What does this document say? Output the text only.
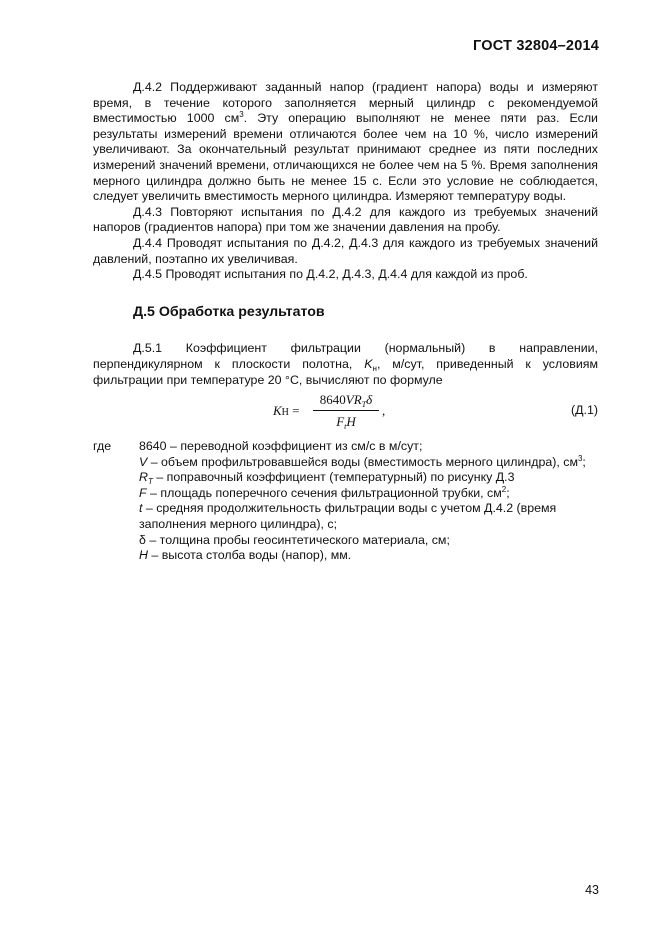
ГОСТ 32804–2014

Д.4.2 Поддерживают заданный напор (градиент напора) воды и измеряют время, в течение которого заполняется мерный цилиндр с рекомендуемой вместимостью 1000 $см^3$. Эту операцию выполняют не менее пяти раз. Если результаты измерений времени отличаются более чем на 10 %, число измерений увеличивают. За окончательный результат принимают среднее из пяти последних измерений значений времени, отличающихся не более чем на 5 %. Время заполнения мерного цилиндра должно быть не менее 15 с. Если это условие не соблюдается, следует увеличить вместимость мерного цилиндра. Измеряют температуру воды.

Д.4.3 Повторяют испытания по Д.4.2 для каждого из требуемых значений напоров (градиентов напора) при том же значении давления на пробу.

Д.4.4 Проводят испытания по Д.4.2, Д.4.3 для каждого из требуемых значений давлений, поэтапно их увеличивая.

Д.4.5 Проводят испытания по Д.4.2, Д.4.3, Д.4.4 для каждой из проб.

Д.5 Обработка результатов

Д.5.1 Коэффициент фильтрации (нормальный) в направлении, перпендикулярном к плоскости полотна, $K_н$, м/сут, приведенный к условиям фильтрации при температуре 20 °С, вычисляют по формуле

KН =
$8640VR_T\delta$
$F_tH$
,	(Д.1)
где 8640 – переводной коэффициент из см/с в м/сут;
V – объем профильтровавшейся воды (вместимость мерного цилиндра), $см^3$;
$R_T$ – поправочный коэффициент (температурный) по рисунку Д.3
F – площадь поперечного сечения фильтрационной трубки, $см^2$;
t – средняя продолжительность фильтрации воды с учетом Д.4.2 (время заполнения мерного цилиндра), с;
δ – толщина пробы геосинтетического материала, см;
H – высота столба воды (напор), мм.
43
